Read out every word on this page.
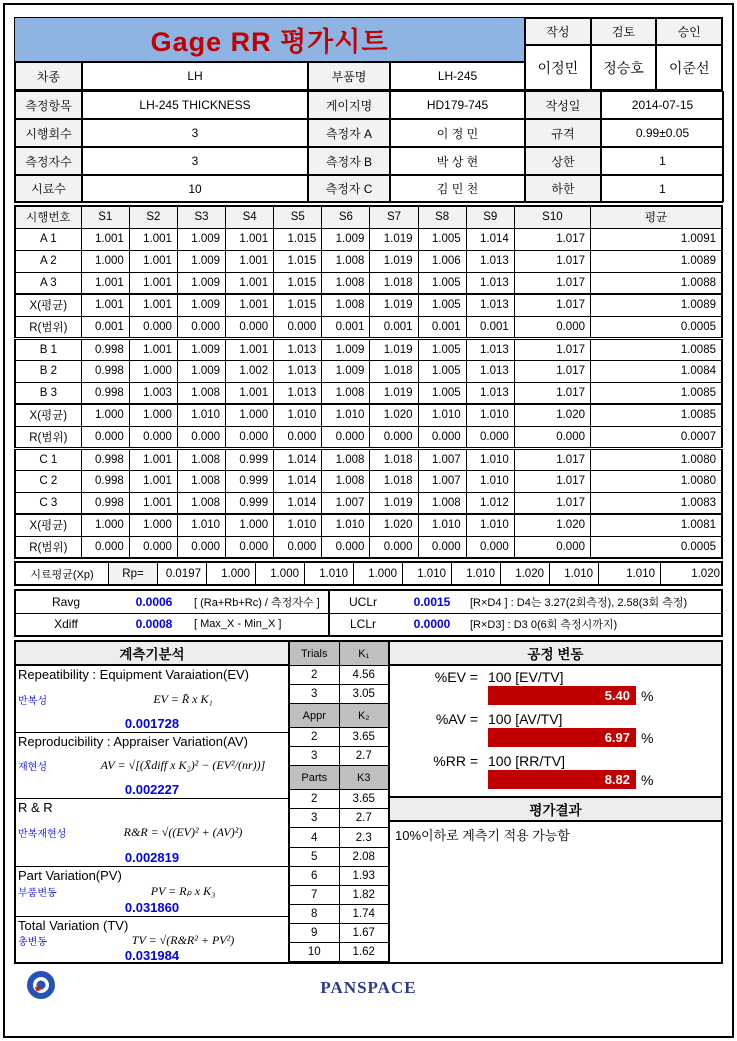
Gage RR 평가시트
차종	LH	부품명	LH-245
작성	검토	승인
이정민	정승호	이준선
측정항목	LH-245 THICKNESS	게이지명	HD179-745	작성일	2014-07-15
시행회수	3	측정자 A	이 정 민	규격	0.99±0.05
측정자수	3	측정자 B	박 상 현	상한	1
시료수	10	측정자 C	김 민 천	하한	1
시행번호	S1	S2	S3	S4	S5	S6	S7	S8	S9	S10	평균
A 1	1.001	1.001	1.009	1.001	1.015	1.009	1.019	1.005	1.014	1.017	1.0091
A 2	1.000	1.001	1.009	1.001	1.015	1.008	1.019	1.006	1.013	1.017	1.0089
A 3	1.001	1.001	1.009	1.001	1.015	1.008	1.018	1.005	1.013	1.017	1.0088
X(평균)	1.001	1.001	1.009	1.001	1.015	1.008	1.019	1.005	1.013	1.017	1.0089
R(범위)	0.001	0.000	0.000	0.000	0.000	0.001	0.001	0.001	0.001	0.000	0.0005
B 1	0.998	1.001	1.009	1.001	1.013	1.009	1.019	1.005	1.013	1.017	1.0085
B 2	0.998	1.000	1.009	1.002	1.013	1.009	1.018	1.005	1.013	1.017	1.0084
B 3	0.998	1.003	1.008	1.001	1.013	1.008	1.019	1.005	1.013	1.017	1.0085
X(평균)	1.000	1.000	1.010	1.000	1.010	1.010	1.020	1.010	1.010	1.020	1.0085
R(범위)	0.000	0.000	0.000	0.000	0.000	0.000	0.000	0.000	0.000	0.000	0.0007
C 1	0.998	1.001	1.008	0.999	1.014	1.008	1.018	1.007	1.010	1.017	1.0080
C 2	0.998	1.001	1.008	0.999	1.014	1.008	1.018	1.007	1.010	1.017	1.0080
C 3	0.998	1.001	1.008	0.999	1.014	1.007	1.019	1.008	1.012	1.017	1.0083
X(평균)	1.000	1.000	1.010	1.000	1.010	1.010	1.020	1.010	1.010	1.020	1.0081
R(범위)	0.000	0.000	0.000	0.000	0.000	0.000	0.000	0.000	0.000	0.000	0.0005
시료평균(Xp)	Rp=	0.0197	1.000	1.000	1.010	1.000	1.010	1.010	1.020	1.010	1.010	1.020
Ravg	0.0006	[ (Ra+Rb+Rc) / 측정자수 ]
Xdiff	0.0008	[ Max_X - Min_X ]
UCLr	0.0015	[R×D4 ] : D4는 3.27(2회측정), 2.58(3회 측정)
LCLr	0.0000	[R×D3] : D3 0(6회 측정시까지)
계측기분석
Repeatibility : Equipment Varaiation(EV)
반복성	EV = R̄ x K₁
0.001728
Reproducibility : Appraiser Variation(AV)
재현성	AV = √[(X̄diff x K₂)² − (EV²/(nr))]
0.002227
R & R
반복재현성	R&R = √((EV)² + (AV)²)
0.002819
Part Variation(PV)
부품변동	PV = Rₚ x K₃
0.031860
Total Variation (TV)
총변동	TV = √(R&R² + PV²)
0.031984
Trials	K₁
2	4.56
3	3.05
Appr	K₂
2	3.65
3	2.7
Parts	K3
2	3.65
3	2.7
4	2.3
5	2.08
6	1.93
7	1.82
8	1.74
9	1.67
10	1.62
공정 변동
%EV = 100 [EV/TV]
5.40 %
%AV = 100 [AV/TV]
6.97 %
%RR = 100 [RR/TV]
8.82 %
평가결과
10%이하로 계측기 적용 가능함
PANSPACE
